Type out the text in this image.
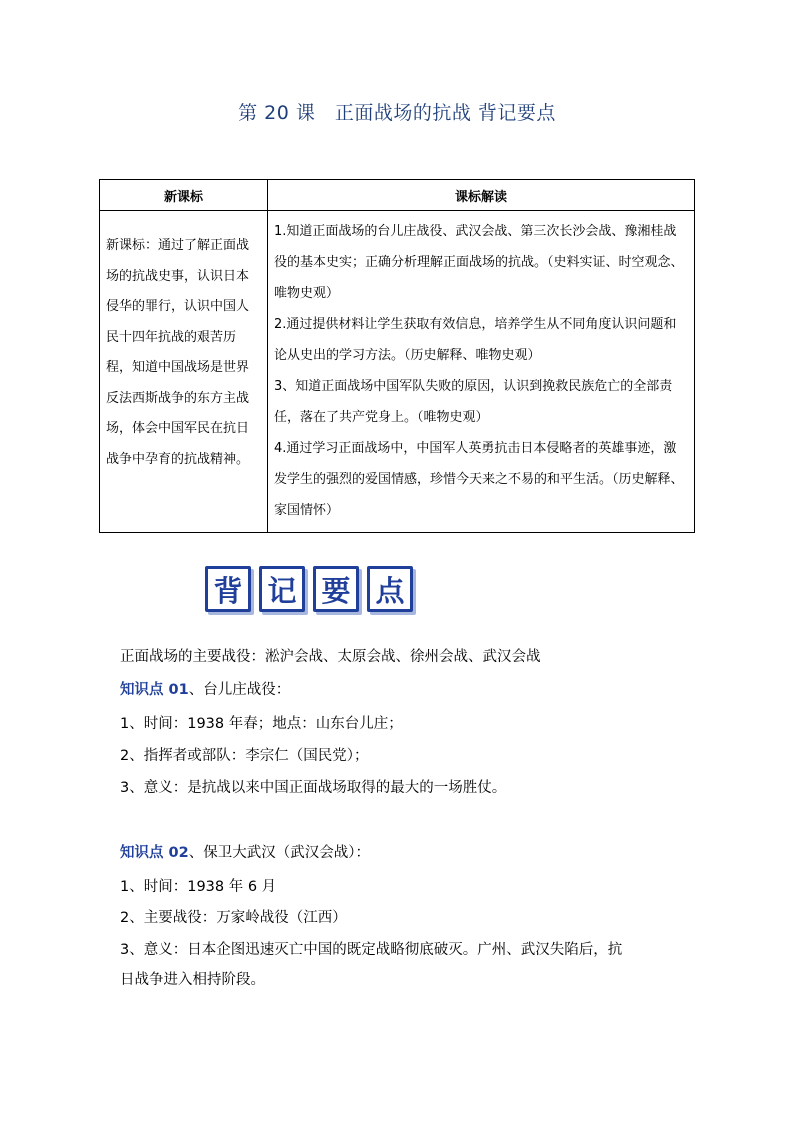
第 20 课　正面战场的抗战 背记要点
新课标	课标解读

新课标：通过了解正面战场的抗战史事，认识日本侵华的罪行，认识中国人民十四年抗战的艰苦历程，知道中国战场是世界反法西斯战争的东方主战场，体会中国军民在抗日战争中孕育的抗战精神。	1.知道正面战场的台儿庄战役、武汉会战、第三次长沙会战、豫湘桂战役的基本史实；正确分析理解正面战场的抗战。（史料实证、时空观念、唯物史观）

2.通过提供材料让学生获取有效信息，培养学生从不同角度认识问题和论从史出的学习方法。（历史解释、唯物史观）

3、知道正面战场中国军队失败的原因，认识到挽救民族危亡的全部责任，落在了共产党身上。（唯物史观）

4.通过学习正面战场中，中国军人英勇抗击日本侵略者的英雄事迹，激发学生的强烈的爱国情感，珍惜今天来之不易的和平生活。（历史解释、家国情怀）

背 记 要 点
正面战场的主要战役：淞沪会战、太原会战、徐州会战、武汉会战
知识点 01、台儿庄战役：
1、时间：1938 年春；地点：山东台儿庄；
2、指挥者或部队：李宗仁（国民党）；
3、意义：是抗战以来中国正面战场取得的最大的一场胜仗。
知识点 02、保卫大武汉（武汉会战）：
1、时间：1938 年 6 月
2、主要战役：万家岭战役（江西）
3、意义：日本企图迅速灭亡中国的既定战略彻底破灭。广州、武汉失陷后，抗
日战争进入相持阶段。
